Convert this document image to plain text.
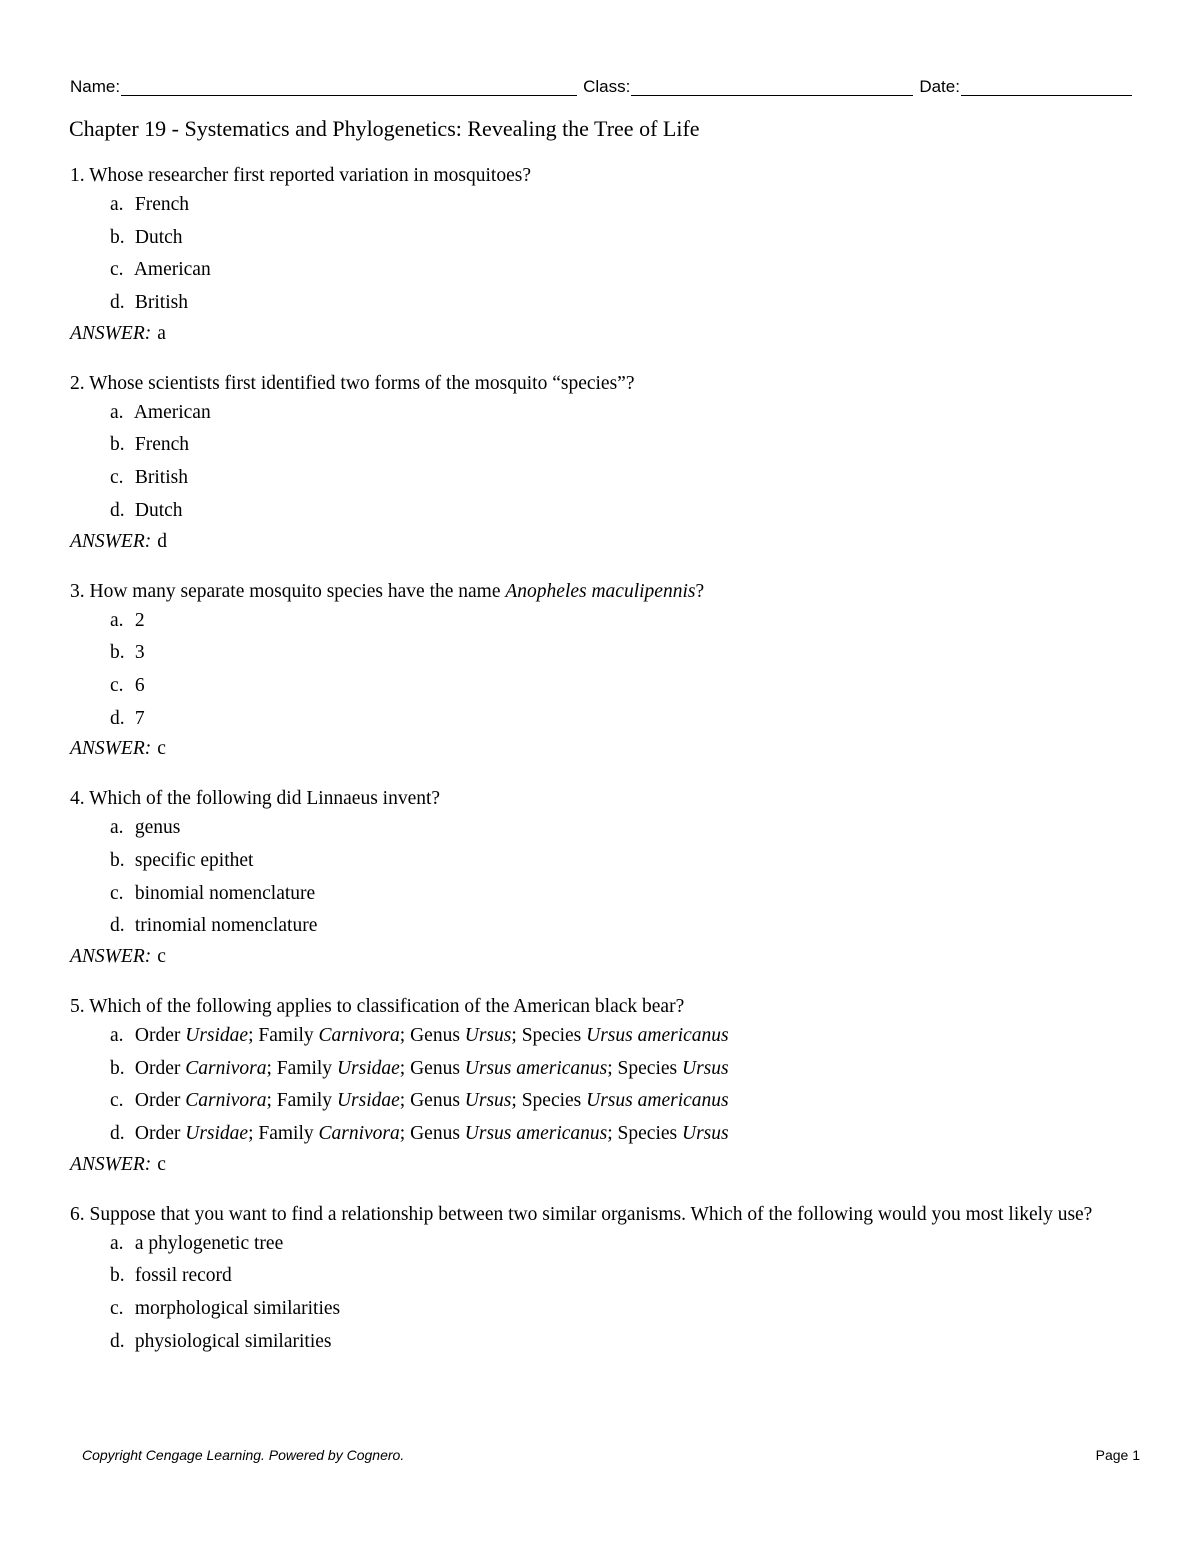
Name:	Class:	Date:
Chapter 19 - Systematics and Phylogenetics: Revealing the Tree of Life
1. Whose researcher first reported variation in mosquitoes?
a. French
b. Dutch
c. American
d. British
ANSWER: a
2. Whose scientists first identified two forms of the mosquito “species”?
a. American
b. French
c. British
d. Dutch
ANSWER: d
3. How many separate mosquito species have the name Anopheles maculipennis?
a. 2
b. 3
c. 6
d. 7
ANSWER: c
4. Which of the following did Linnaeus invent?
a. genus
b. specific epithet
c. binomial nomenclature
d. trinomial nomenclature
ANSWER: c
5. Which of the following applies to classification of the American black bear?
a. Order Ursidae; Family Carnivora; Genus Ursus; Species Ursus americanus
b. Order Carnivora; Family Ursidae; Genus Ursus americanus; Species Ursus
c. Order Carnivora; Family Ursidae; Genus Ursus; Species Ursus americanus
d. Order Ursidae; Family Carnivora; Genus Ursus americanus; Species Ursus
ANSWER: c
6. Suppose that you want to find a relationship between two similar organisms. Which of the following would you most likely use?
a. a phylogenetic tree
b. fossil record
c. morphological similarities
d. physiological similarities
Copyright Cengage Learning. Powered by Cognero.	Page 1
